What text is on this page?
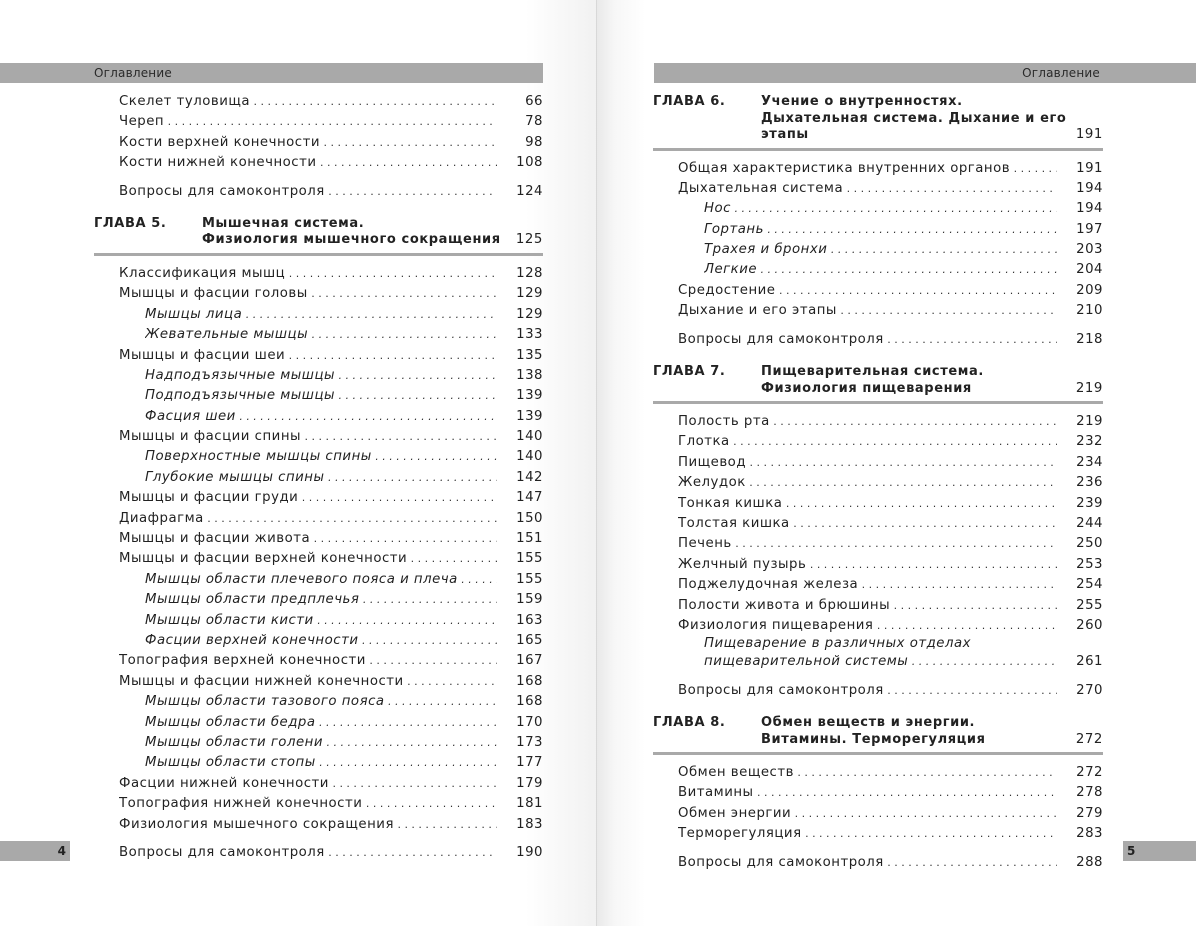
Оглавление
Скелет туловища . . .	66
Череп . . .	78
Кости верхней конечности . . .	98
Кости нижней конечности . . .	108
Вопросы для самоконтроля . . .	124
ГЛАВА 5.	Мышечная система.
Физиология мышечного сокращения	125
Классификация мышц . . .	128
Мышцы и фасции головы . . .	129
Мышцы лица . . .	129
Жевательные мышцы . . .	133
Мышцы и фасции шеи . . .	135
Надподъязычные мышцы . . .	138
Подподъязычные мышцы . . .	139
Фасция шеи . . .	139
Мышцы и фасции спины . . .	140
Поверхностные мышцы спины . . .	140
Глубокие мышцы спины . . .	142
Мышцы и фасции груди . . .	147
Диафрагма . . .	150
Мышцы и фасции живота . . .	151
Мышцы и фасции верхней конечности . . .	155
Мышцы области плечевого пояса и плеча . . .	155
Мышцы области предплечья . . .	159
Мышцы области кисти . . .	163
Фасции верхней конечности . . .	165
Топография верхней конечности . . .	167
Мышцы и фасции нижней конечности . . .	168
Мышцы области тазового пояса . . .	168
Мышцы области бедра . . .	170
Мышцы области голени . . .	173
Мышцы области стопы . . .	177
Фасции нижней конечности . . .	179
Топография нижней конечности . . .	181
Физиология мышечного сокращения . . .	183
Вопросы для самоконтроля . . .	190
4
Оглавление
ГЛАВА 6.	Учение о внутренностях.
Дыхательная система. Дыхание и его этапы	191
Общая характеристика внутренних органов . . .	191
Дыхательная система . . .	194
Нос . . .	194
Гортань . . .	197
Трахея и бронхи . . .	203
Легкие . . .	204
Средостение . . .	209
Дыхание и его этапы . . .	210
Вопросы для самоконтроля . . .	218
ГЛАВА 7.	Пищеварительная система.
Физиология пищеварения	219
Полость рта . . .	219
Глотка . . .	232
Пищевод . . .	234
Желудок . . .	236
Тонкая кишка . . .	239
Толстая кишка . . .	244
Печень . . .	250
Желчный пузырь . . .	253
Поджелудочная железа . . .	254
Полости живота и брюшины . . .	255
Физиология пищеварения . . .	260
Пищеварение в различных отделах
пищеварительной системы . . .	261
Вопросы для самоконтроля . . .	270
ГЛАВА 8.	Обмен веществ и энергии.
Витамины. Терморегуляция	272
Обмен веществ . . .	272
Витамины . . .	278
Обмен энергии . . .	279
Терморегуляция . . .	283
Вопросы для самоконтроля . . .	288
5
